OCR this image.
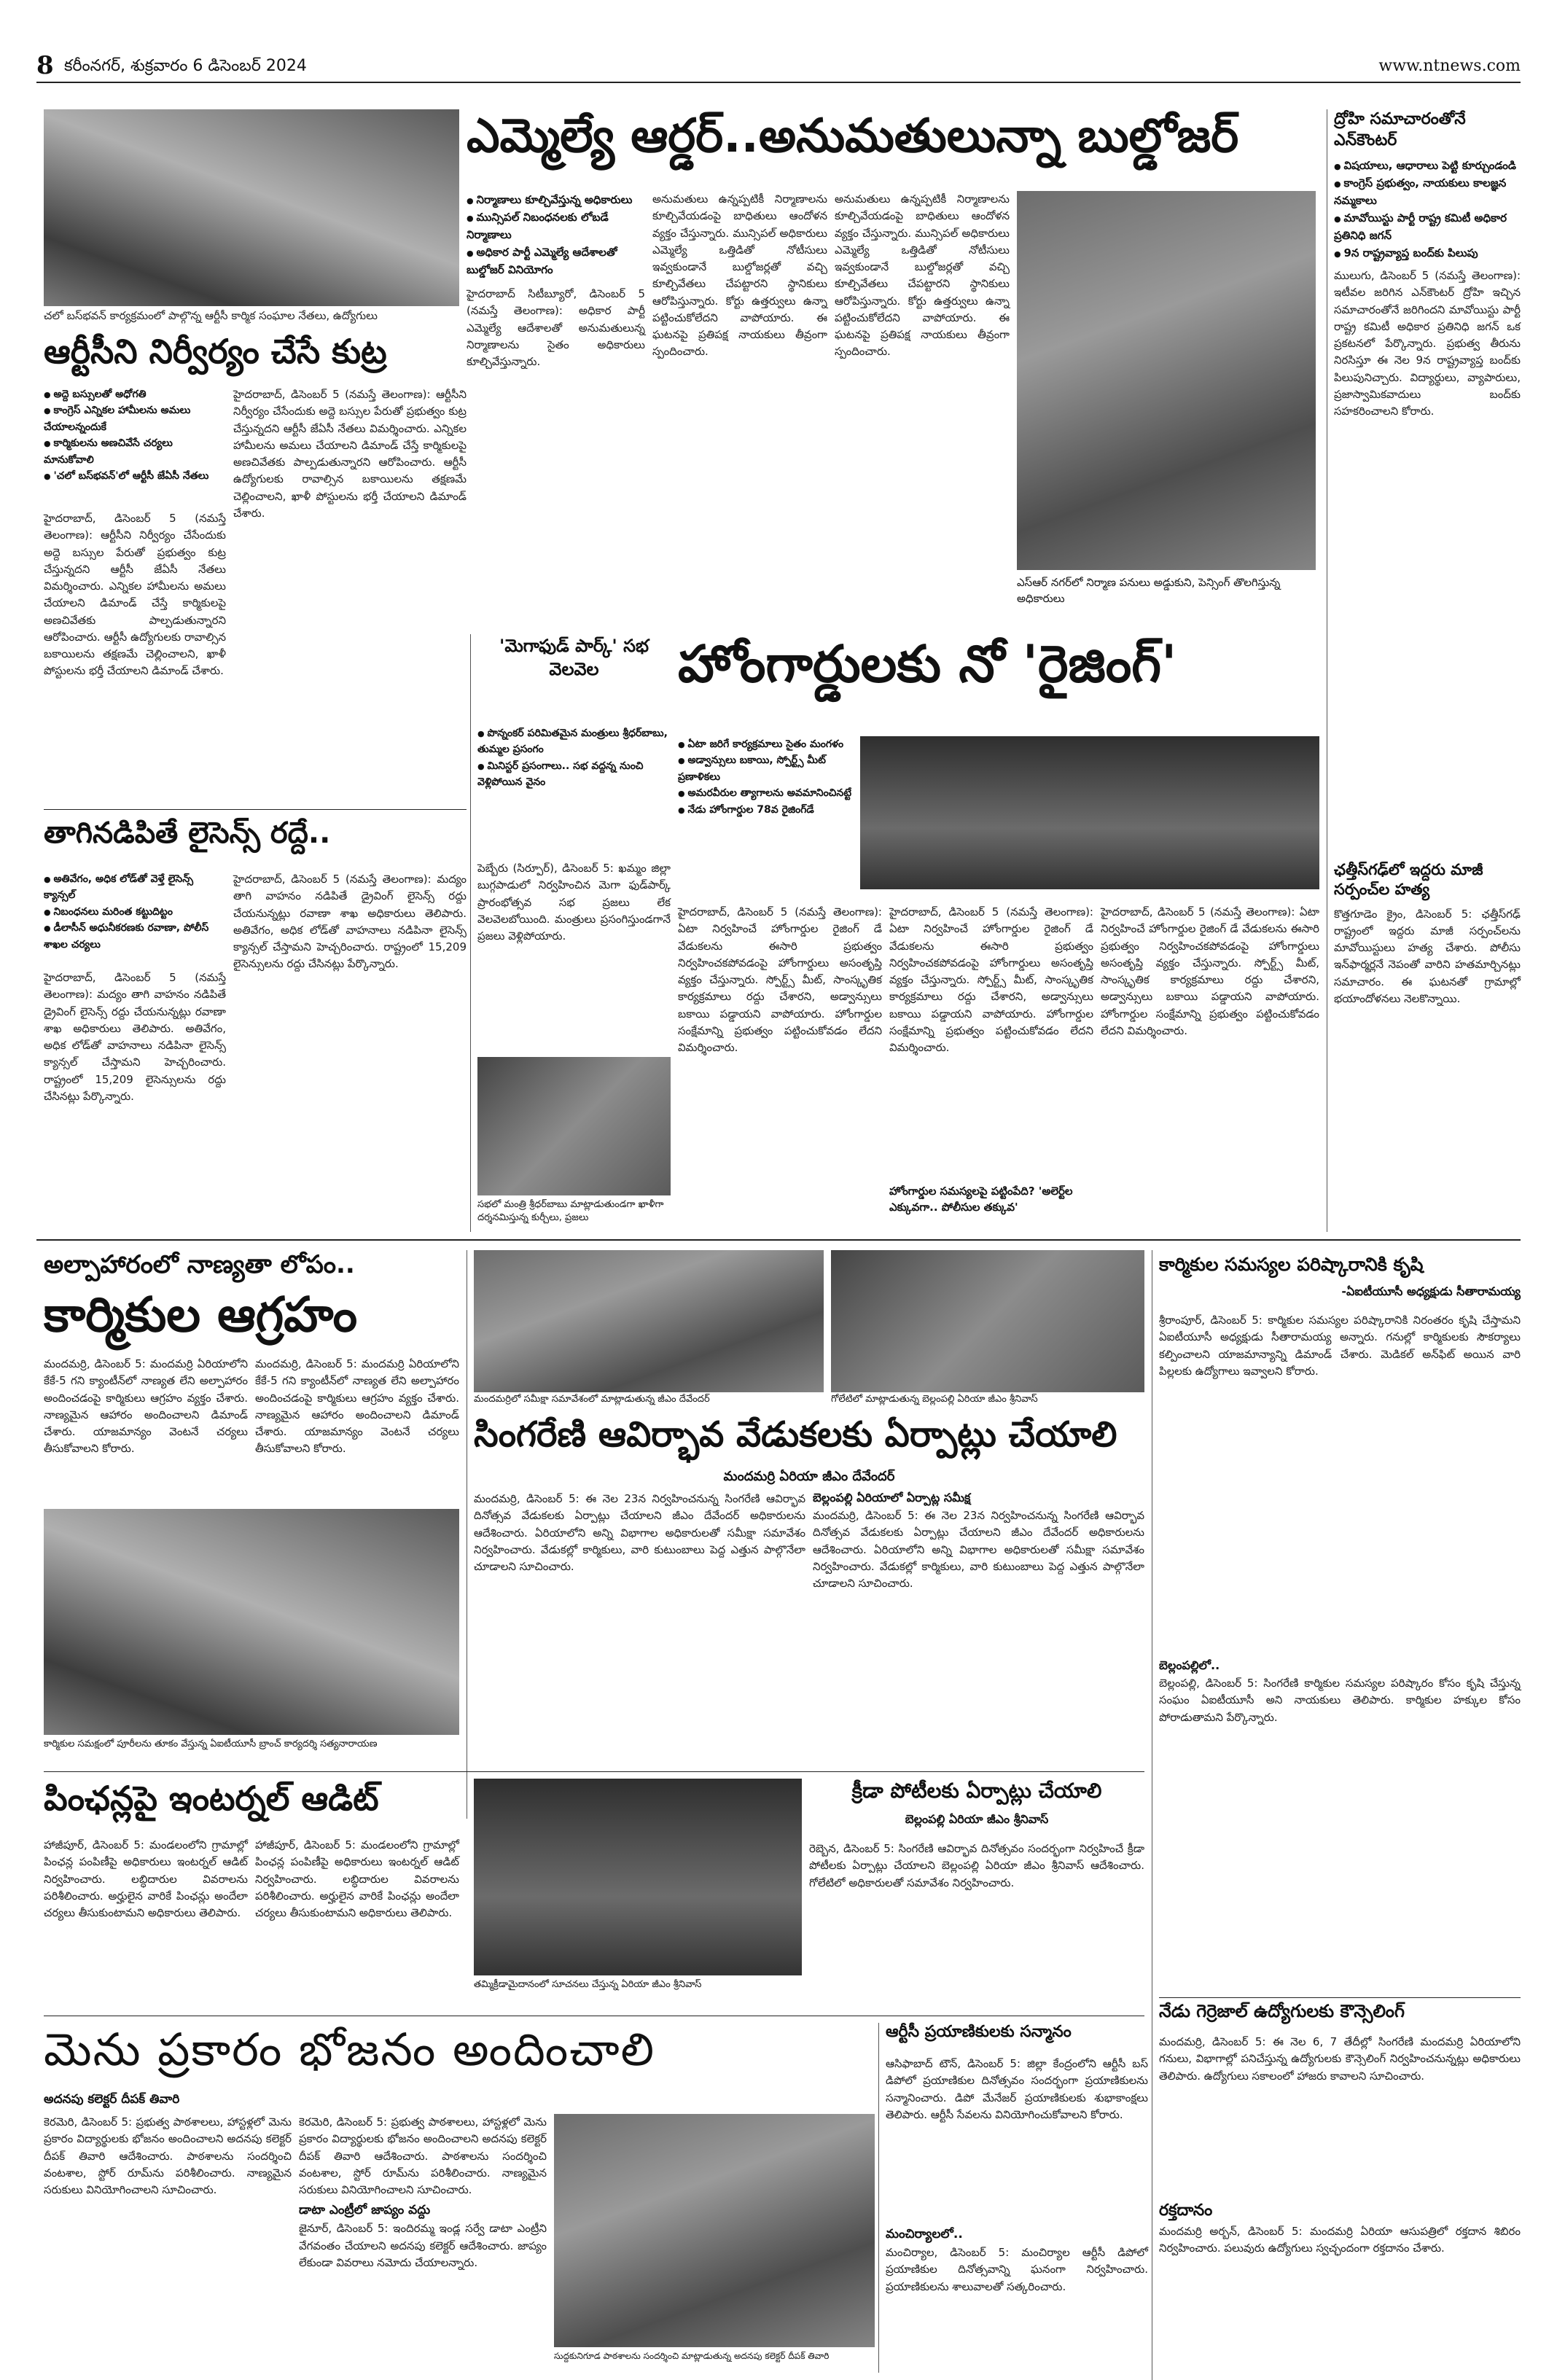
8 కరీంనగర్, శుక్రవారం 6 డిసెంబర్ 2024	www.ntnews.com
ఎమ్మెల్యే ఆర్డర్..అనుమతులున్నా బుల్డోజర్
● నిర్మాణాలు కూల్చివేస్తున్న అధికారులు
● మున్సిపల్ నిబంధనలకు లోబడే నిర్మాణాలు
● అధికార పార్టీ ఎమ్మెల్యే ఆదేశాలతో బుల్డోజర్ వినియోగం
హైదరాబాద్ సిటీబ్యూరో, డిసెంబర్ 5 (నమస్తే తెలంగాణ): అధికార పార్టీ ఎమ్మెల్యే ఆదేశాలతో అనుమతులున్న నిర్మాణాలను సైతం అధికారులు కూల్చివేస్తున్నారు.
అనుమతులు ఉన్నప్పటికీ నిర్మాణాలను కూల్చివేయడంపై బాధితులు ఆందోళన వ్యక్తం చేస్తున్నారు. మున్సిపల్ అధికారులు ఎమ్మెల్యే ఒత్తిడితో నోటీసులు ఇవ్వకుండానే బుల్డోజర్లతో వచ్చి కూల్చివేతలు చేపట్టారని స్థానికులు ఆరోపిస్తున్నారు. కోర్టు ఉత్తర్వులు ఉన్నా పట్టించుకోలేదని వాపోయారు. ఈ ఘటనపై ప్రతిపక్ష నాయకులు తీవ్రంగా స్పందించారు.
అనుమతులు ఉన్నప్పటికీ నిర్మాణాలను కూల్చివేయడంపై బాధితులు ఆందోళన వ్యక్తం చేస్తున్నారు. మున్సిపల్ అధికారులు ఎమ్మెల్యే ఒత్తిడితో నోటీసులు ఇవ్వకుండానే బుల్డోజర్లతో వచ్చి కూల్చివేతలు చేపట్టారని స్థానికులు ఆరోపిస్తున్నారు. కోర్టు ఉత్తర్వులు ఉన్నా పట్టించుకోలేదని వాపోయారు. ఈ ఘటనపై ప్రతిపక్ష నాయకులు తీవ్రంగా స్పందించారు.
ఎస్ఆర్ నగర్‌లో నిర్మాణ పనులు అడ్డుకుని, పెన్సింగ్ తొలగిస్తున్న అధికారులు
ద్రోహి సమాచారంతోనే ఎన్‌కౌంటర్
● విషయాలు, ఆధారాలు పెట్టి కూర్చుండండి
● కాంగ్రెస్ ప్రభుత్వం, నాయకులు కాలజ్ఞన నమ్మకాలు
● మావోయిస్టు పార్టీ రాష్ట్ర కమిటీ అధికార ప్రతినిధి జగన్
● 9న రాష్ట్రవ్యాప్త బంద్‌కు పిలుపు
ములుగు, డిసెంబర్ 5 (నమస్తే తెలంగాణ): ఇటీవల జరిగిన ఎన్‌కౌంటర్ ద్రోహి ఇచ్చిన సమాచారంతోనే జరిగిందని మావోయిస్టు పార్టీ రాష్ట్ర కమిటీ అధికార ప్రతినిధి జగన్ ఒక ప్రకటనలో పేర్కొన్నారు. ప్రభుత్వ తీరును నిరసిస్తూ ఈ నెల 9న రాష్ట్రవ్యాప్త బంద్‌కు పిలుపునిచ్చారు. విద్యార్థులు, వ్యాపారులు, ప్రజాస్వామికవాదులు బంద్‌కు సహకరించాలని కోరారు.
ఛత్తీస్‌గఢ్‌లో ఇద్దరు మాజీ సర్పంచ్‌ల హత్య
కొత్తగూడెం క్రైం, డిసెంబర్ 5: ఛత్తీస్‌గఢ్ రాష్ట్రంలో ఇద్దరు మాజీ సర్పంచ్‌లను మావోయిస్టులు హత్య చేశారు. పోలీసు ఇన్‌ఫార్మర్లనే నెపంతో వారిని హతమార్చినట్లు సమాచారం. ఈ ఘటనతో గ్రామాల్లో భయాందోళనలు నెలకొన్నాయి.
చలో బస్‌భవన్ కార్యక్రమంలో పాల్గొన్న ఆర్టీసీ కార్మిక సంఘాల నేతలు, ఉద్యోగులు
ఆర్టీసీని నిర్వీర్యం చేసే కుట్ర
● అద్దె బస్సులతో అధోగతి
● కాంగ్రెస్ ఎన్నికల హామీలను అమలు చేయాలన్నందుకే
● కార్మికులను అణచివేసే చర్యలు మానుకోవాలి
● 'చలో బస్‌భవన్'లో ఆర్టీసీ జేఏసీ నేతలు
హైదరాబాద్, డిసెంబర్ 5 (నమస్తే తెలంగాణ): ఆర్టీసీని నిర్వీర్యం చేసేందుకు అద్దె బస్సుల పేరుతో ప్రభుత్వం కుట్ర చేస్తున్నదని ఆర్టీసీ జేఏసీ నేతలు విమర్శించారు. ఎన్నికల హామీలను అమలు చేయాలని డిమాండ్ చేస్తే కార్మికులపై అణచివేతకు పాల్పడుతున్నారని ఆరోపించారు. ఆర్టీసీ ఉద్యోగులకు రావాల్సిన బకాయిలను తక్షణమే చెల్లించాలని, ఖాళీ పోస్టులను భర్తీ చేయాలని డిమాండ్ చేశారు.
హైదరాబాద్, డిసెంబర్ 5 (నమస్తే తెలంగాణ): ఆర్టీసీని నిర్వీర్యం చేసేందుకు అద్దె బస్సుల పేరుతో ప్రభుత్వం కుట్ర చేస్తున్నదని ఆర్టీసీ జేఏసీ నేతలు విమర్శించారు. ఎన్నికల హామీలను అమలు చేయాలని డిమాండ్ చేస్తే కార్మికులపై అణచివేతకు పాల్పడుతున్నారని ఆరోపించారు. ఆర్టీసీ ఉద్యోగులకు రావాల్సిన బకాయిలను తక్షణమే చెల్లించాలని, ఖాళీ పోస్టులను భర్తీ చేయాలని డిమాండ్ చేశారు.
తాగినడిపితే లైసెన్స్ రద్దే..
● అతివేగం, అధిక లోడ్‌తో వెళ్తే లైసెన్స్ క్యాన్సల్
● నిబంధనలు మరింత కట్టుదిట్టం
● డీలాసీన్ అధునీకరణకు రవాణా, పోలీస్ శాఖల చర్యలు
హైదరాబాద్, డిసెంబర్ 5 (నమస్తే తెలంగాణ): మద్యం తాగి వాహనం నడిపితే డ్రైవింగ్ లైసెన్స్ రద్దు చేయనున్నట్లు రవాణా శాఖ అధికారులు తెలిపారు. అతివేగం, అధిక లోడ్‌తో వాహనాలు నడిపినా లైసెన్స్ క్యాన్సల్ చేస్తామని హెచ్చరించారు. రాష్ట్రంలో 15,209 లైసెన్సులను రద్దు చేసినట్లు పేర్కొన్నారు.
హైదరాబాద్, డిసెంబర్ 5 (నమస్తే తెలంగాణ): మద్యం తాగి వాహనం నడిపితే డ్రైవింగ్ లైసెన్స్ రద్దు చేయనున్నట్లు రవాణా శాఖ అధికారులు తెలిపారు. అతివేగం, అధిక లోడ్‌తో వాహనాలు నడిపినా లైసెన్స్ క్యాన్సల్ చేస్తామని హెచ్చరించారు. రాష్ట్రంలో 15,209 లైసెన్సులను రద్దు చేసినట్లు పేర్కొన్నారు.
'మెగాఫుడ్ పార్క్' సభ వెలవెల
● పొన్నంకర్ పరిమితమైన మంత్రులు శ్రీధర్‌బాబు, తుమ్మల ప్రసంగం
● మినిస్టర్ ప్రసంగాలు.. సభ వద్దన్న నుంచి వెళ్లిపోయిన వైనం
పెబ్బేరు (సిర్పూర్), డిసెంబర్ 5: ఖమ్మం జిల్లా బుగ్గపాడులో నిర్వహించిన మెగా ఫుడ్‌పార్క్ ప్రారంభోత్సవ సభ ప్రజలు లేక వెలవెలబోయింది. మంత్రులు ప్రసంగిస్తుండగానే ప్రజలు వెళ్లిపోయారు.
సభలో మంత్రి శ్రీధర్‌బాబు మాట్లాడుతుండగా ఖాళీగా దర్శనమిస్తున్న కుర్చీలు, ప్రజలు
హోంగార్డులకు నో 'రైజింగ్'
● ఏటా జరిగే కార్యక్రమాలు సైతం మంగళం
● అడ్వాన్సులు బకాయి, స్పోర్ట్స్ మీట్ ప్రణాళికలు
● అమరవీరుల త్యాగాలను అవమానించినట్టే
● నేడు హోంగార్డుల 78వ రైజింగ్‌డే
హైదరాబాద్, డిసెంబర్ 5 (నమస్తే తెలంగాణ): ఏటా నిర్వహించే హోంగార్డుల రైజింగ్ డే వేడుకలను ఈసారి ప్రభుత్వం నిర్వహించకపోవడంపై హోంగార్డులు అసంతృప్తి వ్యక్తం చేస్తున్నారు. స్పోర్ట్స్ మీట్, సాంస్కృతిక కార్యక్రమాలు రద్దు చేశారని, అడ్వాన్సులు బకాయి పడ్డాయని వాపోయారు. హోంగార్డుల సంక్షేమాన్ని ప్రభుత్వం పట్టించుకోవడం లేదని విమర్శించారు.
హైదరాబాద్, డిసెంబర్ 5 (నమస్తే తెలంగాణ): ఏటా నిర్వహించే హోంగార్డుల రైజింగ్ డే వేడుకలను ఈసారి ప్రభుత్వం నిర్వహించకపోవడంపై హోంగార్డులు అసంతృప్తి వ్యక్తం చేస్తున్నారు. స్పోర్ట్స్ మీట్, సాంస్కృతిక కార్యక్రమాలు రద్దు చేశారని, అడ్వాన్సులు బకాయి పడ్డాయని వాపోయారు. హోంగార్డుల సంక్షేమాన్ని ప్రభుత్వం పట్టించుకోవడం లేదని విమర్శించారు.
హైదరాబాద్, డిసెంబర్ 5 (నమస్తే తెలంగాణ): ఏటా నిర్వహించే హోంగార్డుల రైజింగ్ డే వేడుకలను ఈసారి ప్రభుత్వం నిర్వహించకపోవడంపై హోంగార్డులు అసంతృప్తి వ్యక్తం చేస్తున్నారు. స్పోర్ట్స్ మీట్, సాంస్కృతిక కార్యక్రమాలు రద్దు చేశారని, అడ్వాన్సులు బకాయి పడ్డాయని వాపోయారు. హోంగార్డుల సంక్షేమాన్ని ప్రభుత్వం పట్టించుకోవడం లేదని విమర్శించారు.
హోంగార్డుల సమస్యలపై పట్టింపేది? 'అలెర్ట్‌ల ఎక్కువగా.. పోలీసుల తక్కువ'
అల్పాహారంలో నాణ్యతా లోపం..
కార్మికుల ఆగ్రహం
మందమర్రి, డిసెంబర్ 5: మందమర్రి ఏరియాలోని కేకే-5 గని క్యాంటీన్‌లో నాణ్యత లేని అల్పాహారం అందించడంపై కార్మికులు ఆగ్రహం వ్యక్తం చేశారు. నాణ్యమైన ఆహారం అందించాలని డిమాండ్ చేశారు. యాజమాన్యం వెంటనే చర్యలు తీసుకోవాలని కోరారు.
మందమర్రి, డిసెంబర్ 5: మందమర్రి ఏరియాలోని కేకే-5 గని క్యాంటీన్‌లో నాణ్యత లేని అల్పాహారం అందించడంపై కార్మికులు ఆగ్రహం వ్యక్తం చేశారు. నాణ్యమైన ఆహారం అందించాలని డిమాండ్ చేశారు. యాజమాన్యం వెంటనే చర్యలు తీసుకోవాలని కోరారు.
కార్మికుల సమక్షంలో పూరీలను తూకం వేస్తున్న ఏఐటీయూసీ బ్రాంచ్ కార్యదర్శి సత్యనారాయణ
మందమర్రిలో సమీక్షా సమావేశంలో మాట్లాడుతున్న జీఎం దేవేందర్	గోలేటిలో మాట్లాడుతున్న బెల్లంపల్లి ఏరియా జీఎం శ్రీనివాస్
సింగరేణి ఆవిర్భావ వేడుకలకు ఏర్పాట్లు చేయాలి
మందమర్రి ఏరియా జీఎం దేవేందర్
మందమర్రి, డిసెంబర్ 5: ఈ నెల 23న నిర్వహించనున్న సింగరేణి ఆవిర్భావ దినోత్సవ వేడుకలకు ఏర్పాట్లు చేయాలని జీఎం దేవేందర్ అధికారులను ఆదేశించారు. ఏరియాలోని అన్ని విభాగాల అధికారులతో సమీక్షా సమావేశం నిర్వహించారు. వేడుకల్లో కార్మికులు, వారి కుటుంబాలు పెద్ద ఎత్తున పాల్గొనేలా చూడాలని సూచించారు.
బెల్లంపల్లి ఏరియాలో ఏర్పాట్ల సమీక్ష
మందమర్రి, డిసెంబర్ 5: ఈ నెల 23న నిర్వహించనున్న సింగరేణి ఆవిర్భావ దినోత్సవ వేడుకలకు ఏర్పాట్లు చేయాలని జీఎం దేవేందర్ అధికారులను ఆదేశించారు. ఏరియాలోని అన్ని విభాగాల అధికారులతో సమీక్షా సమావేశం నిర్వహించారు. వేడుకల్లో కార్మికులు, వారి కుటుంబాలు పెద్ద ఎత్తున పాల్గొనేలా చూడాలని సూచించారు.
కార్మికుల సమస్యల పరిష్కారానికి కృషి
-ఏఐటీయూసీ అధ్యక్షుడు సీతారామయ్య
శ్రీరాంపూర్, డిసెంబర్ 5: కార్మికుల సమస్యల పరిష్కారానికి నిరంతరం కృషి చేస్తామని ఏఐటీయూసీ అధ్యక్షుడు సీతారామయ్య అన్నారు. గనుల్లో కార్మికులకు సౌకర్యాలు కల్పించాలని యాజమాన్యాన్ని డిమాండ్ చేశారు. మెడికల్ అన్‌ఫిట్ అయిన వారి పిల్లలకు ఉద్యోగాలు ఇవ్వాలని కోరారు.
బెల్లంపల్లిలో..
బెల్లంపల్లి, డిసెంబర్ 5: సింగరేణి కార్మికుల సమస్యల పరిష్కారం కోసం కృషి చేస్తున్న సంఘం ఏఐటీయూసీ అని నాయకులు తెలిపారు. కార్మికుల హక్కుల కోసం పోరాడుతామని పేర్కొన్నారు.
పింఛన్లపై ఇంటర్నల్ ఆడిట్
హాజీపూర్, డిసెంబర్ 5: మండలంలోని గ్రామాల్లో పింఛన్ల పంపిణీపై అధికారులు ఇంటర్నల్ ఆడిట్ నిర్వహించారు. లబ్ధిదారుల వివరాలను పరిశీలించారు. అర్హులైన వారికే పింఛన్లు అందేలా చర్యలు తీసుకుంటామని అధికారులు తెలిపారు.
హాజీపూర్, డిసెంబర్ 5: మండలంలోని గ్రామాల్లో పింఛన్ల పంపిణీపై అధికారులు ఇంటర్నల్ ఆడిట్ నిర్వహించారు. లబ్ధిదారుల వివరాలను పరిశీలించారు. అర్హులైన వారికే పింఛన్లు అందేలా చర్యలు తీసుకుంటామని అధికారులు తెలిపారు.
తమ్మిక్రీడామైదానంలో సూచనలు చేస్తున్న ఏరియా జీఎం శ్రీనివాస్
క్రీడా పోటీలకు ఏర్పాట్లు చేయాలి
బెల్లంపల్లి ఏరియా జీఎం శ్రీనివాస్
రెబ్బెన, డిసెంబర్ 5: సింగరేణి ఆవిర్భావ దినోత్సవం సందర్భంగా నిర్వహించే క్రీడా పోటీలకు ఏర్పాట్లు చేయాలని బెల్లంపల్లి ఏరియా జీఎం శ్రీనివాస్ ఆదేశించారు. గోలేటిలో అధికారులతో సమావేశం నిర్వహించారు.
నేడు గెర్రెజాల్ ఉద్యోగులకు కౌన్సెలింగ్
మందమర్రి, డిసెంబర్ 5: ఈ నెల 6, 7 తేదీల్లో సింగరేణి మందమర్రి ఏరియాలోని గనులు, విభాగాల్లో పనిచేస్తున్న ఉద్యోగులకు కౌన్సెలింగ్ నిర్వహించనున్నట్లు అధికారులు తెలిపారు. ఉద్యోగులు సకాలంలో హాజరు కావాలని సూచించారు.
రక్తదానం
మందమర్రి అర్బన్, డిసెంబర్ 5: మందమర్రి ఏరియా ఆసుపత్రిలో రక్తదాన శిబిరం నిర్వహించారు. పలువురు ఉద్యోగులు స్వచ్ఛందంగా రక్తదానం చేశారు.
మెను ప్రకారం భోజనం అందించాలి
అదనపు కలెక్టర్ దీపక్ తివారి
కెరమెరి, డిసెంబర్ 5: ప్రభుత్వ పాఠశాలలు, హాస్టళ్లలో మెను ప్రకారం విద్యార్థులకు భోజనం అందించాలని అదనపు కలెక్టర్ దీపక్ తివారి ఆదేశించారు. పాఠశాలను సందర్శించి వంటశాల, స్టోర్ రూమ్‌ను పరిశీలించారు. నాణ్యమైన సరుకులు వినియోగించాలని సూచించారు.
కెరమెరి, డిసెంబర్ 5: ప్రభుత్వ పాఠశాలలు, హాస్టళ్లలో మెను ప్రకారం విద్యార్థులకు భోజనం అందించాలని అదనపు కలెక్టర్ దీపక్ తివారి ఆదేశించారు. పాఠశాలను సందర్శించి వంటశాల, స్టోర్ రూమ్‌ను పరిశీలించారు. నాణ్యమైన సరుకులు వినియోగించాలని సూచించారు.
డాటా ఎంట్రీలో జాప్యం వద్దు
జైనూర్, డిసెంబర్ 5: ఇందిరమ్మ ఇండ్ల సర్వే డాటా ఎంట్రీని వేగవంతం చేయాలని అదనపు కలెక్టర్ ఆదేశించారు. జాప్యం లేకుండా వివరాలు నమోదు చేయాలన్నారు.
సుద్దకునిగూడ పాఠశాలను సందర్శించి మాట్లాడుతున్న అదనపు కలెక్టర్ దీపక్ తివారి
ఆర్టీసీ ప్రయాణికులకు సన్మానం
ఆసిఫాబాద్ టౌన్, డిసెంబర్ 5: జిల్లా కేంద్రంలోని ఆర్టీసీ బస్ డిపోలో ప్రయాణికుల దినోత్సవం సందర్భంగా ప్రయాణికులను సన్మానించారు. డిపో మేనేజర్ ప్రయాణికులకు శుభాకాంక్షలు తెలిపారు. ఆర్టీసీ సేవలను వినియోగించుకోవాలని కోరారు.
మంచిర్యాలలో..
మంచిర్యాల, డిసెంబర్ 5: మంచిర్యాల ఆర్టీసీ డిపోలో ప్రయాణికుల దినోత్సవాన్ని ఘనంగా నిర్వహించారు. ప్రయాణికులను శాలువాలతో సత్కరించారు.
